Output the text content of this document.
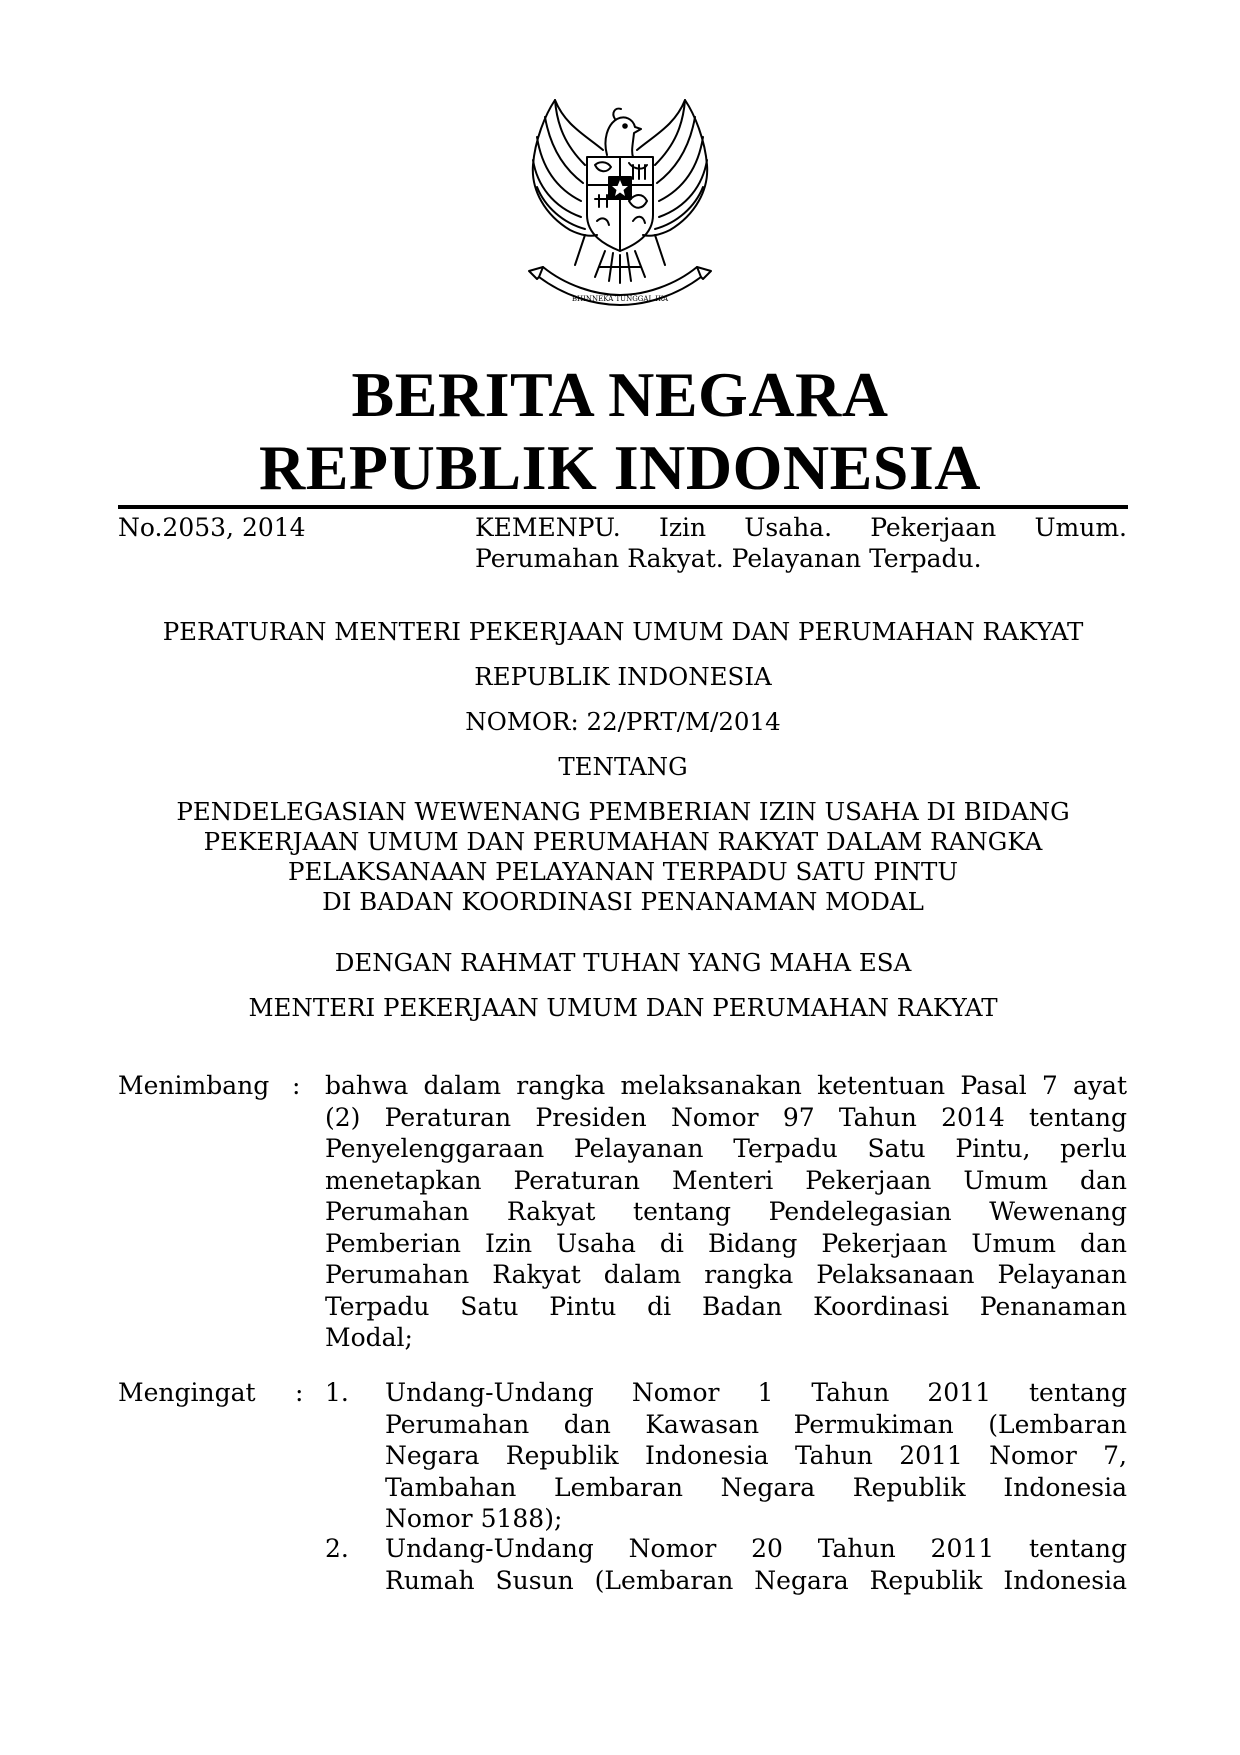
BHINNEKA TUNGGAL IKA
BERITA NEGARA
REPUBLIK INDONESIA
No.2053, 2014	KEMENPU. Izin Usaha. Pekerjaan Umum.
Perumahan Rakyat. Pelayanan Terpadu.
PERATURAN MENTERI PEKERJAAN UMUM DAN PERUMAHAN RAKYAT
REPUBLIK INDONESIA
NOMOR: 22/PRT/M/2014
TENTANG
PENDELEGASIAN WEWENANG PEMBERIAN IZIN USAHA DI BIDANG
PEKERJAAN UMUM DAN PERUMAHAN RAKYAT DALAM RANGKA
PELAKSANAAN PELAYANAN TERPADU SATU PINTU
DI BADAN KOORDINASI PENANAMAN MODAL
DENGAN RAHMAT TUHAN YANG MAHA ESA
MENTERI PEKERJAAN UMUM DAN PERUMAHAN RAKYAT
Menimbang : bahwa dalam rangka melaksanakan ketentuan Pasal 7 ayat
(2) Peraturan Presiden Nomor 97 Tahun 2014 tentang
Penyelenggaraan Pelayanan Terpadu Satu Pintu, perlu
menetapkan Peraturan Menteri Pekerjaan Umum dan
Perumahan Rakyat tentang Pendelegasian Wewenang
Pemberian Izin Usaha di Bidang Pekerjaan Umum dan
Perumahan Rakyat dalam rangka Pelaksanaan Pelayanan
Terpadu Satu Pintu di Badan Koordinasi Penanaman
Modal;
Mengingat : 1. Undang-Undang Nomor 1 Tahun 2011 tentang
Perumahan dan Kawasan Permukiman (Lembaran
Negara Republik Indonesia Tahun 2011 Nomor 7,
Tambahan Lembaran Negara Republik Indonesia
Nomor 5188);
2. Undang-Undang Nomor 20 Tahun 2011 tentang
Rumah Susun (Lembaran Negara Republik Indonesia
